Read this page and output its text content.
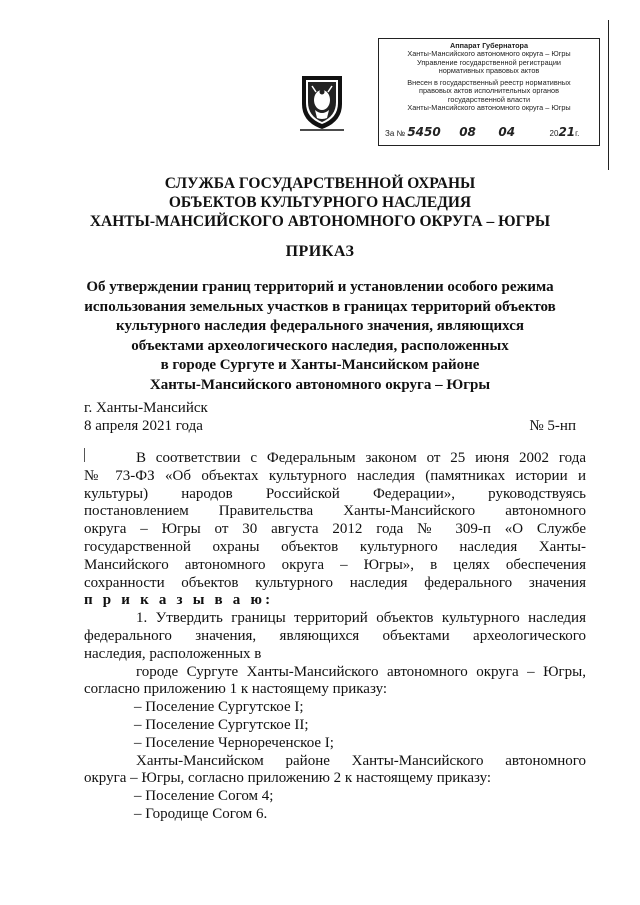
Аппарат Губернатора
Ханты-Мансийского автономного округа – Югры
Управление государственной регистрации
нормативных правовых актов
Внесен в государственный реестр нормативных
правовых актов исполнительных органов
государственной власти
Ханты-Мансийского автономного округа – Югры
За № 5450 08 04	2021г.
СЛУЖБА ГОСУДАРСТВЕННОЙ ОХРАНЫ
ОБЪЕКТОВ КУЛЬТУРНОГО НАСЛЕДИЯ
ХАНТЫ-МАНСИЙСКОГО АВТОНОМНОГО ОКРУГА – ЮГРЫ
ПРИКАЗ
Об утверждении границ территорий и установлении особого режима
использования земельных участков в границах территорий объектов
культурного наследия федерального значения, являющихся
объектами археологического наследия, расположенных
в городе Сургуте и Ханты-Мансийском районе
Ханты-Мансийского автономного округа – Югры
г. Ханты-Мансийск
8 апреля 2021 года	№ 5-нп
В соответствии с Федеральным законом от 25 июня 2002 года
№ 73-ФЗ «Об объектах культурного наследия (памятниках истории и
культуры) народов Российской Федерации», руководствуясь
постановлением Правительства Ханты-Мансийского автономного
округа – Югры от 30 августа 2012 года № 309-п «О Службе
государственной охраны объектов культурного наследия Ханты-
Мансийского автономного округа – Югры», в целях обеспечения
сохранности объектов культурного наследия федерального значения
п р и к а з ы в а ю:
1. Утвердить границы территорий объектов культурного наследия
федерального значения, являющихся объектами археологического
наследия, расположенных в
городе Сургуте Ханты-Мансийского автономного округа – Югры,
согласно приложению 1 к настоящему приказу:
– Поселение Сургутское I;
– Поселение Сургутское II;
– Поселение Чернореченское I;
Ханты-Мансийском районе Ханты-Мансийского автономного
округа – Югры, согласно приложению 2 к настоящему приказу:
– Поселение Согом 4;
– Городище Согом 6.
